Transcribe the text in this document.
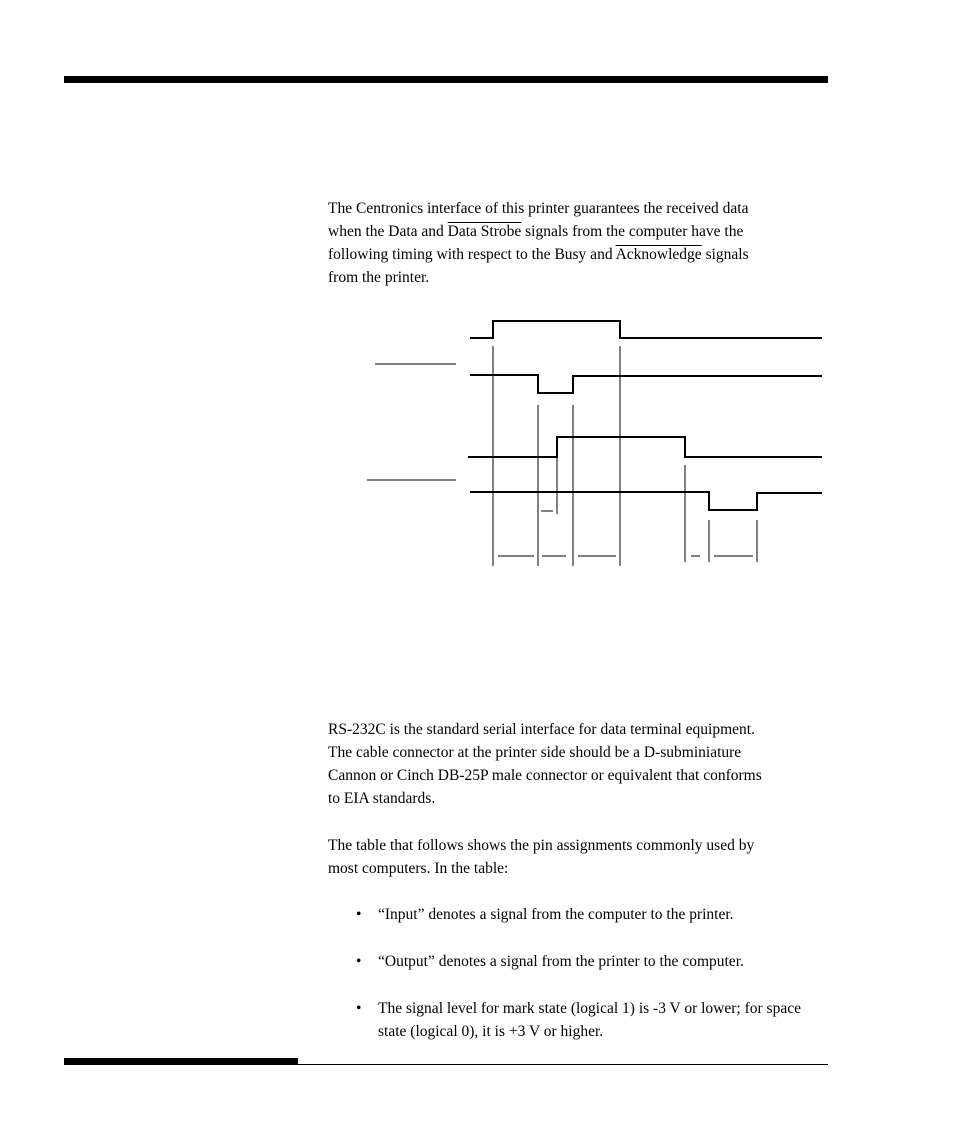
The Centronics interface of this printer guarantees the received data

when the Data and Data Strobe signals from the computer have the

following timing with respect to the Busy and Acknowledge signals

from the printer.

RS-232C is the standard serial interface for data terminal equipment.

The cable connector at the printer side should be a D-subminiature

Cannon or Cinch DB-25P male connector or equivalent that conforms

to EIA standards.

The table that follows shows the pin assignments commonly used by

most computers. In the table:

• “Input” denotes a signal from the computer to the printer.
• “Output” denotes a signal from the printer to the computer.
• The signal level for mark state (logical 1) is -3 V or lower; for space state (logical 0), it is +3 V or higher.
